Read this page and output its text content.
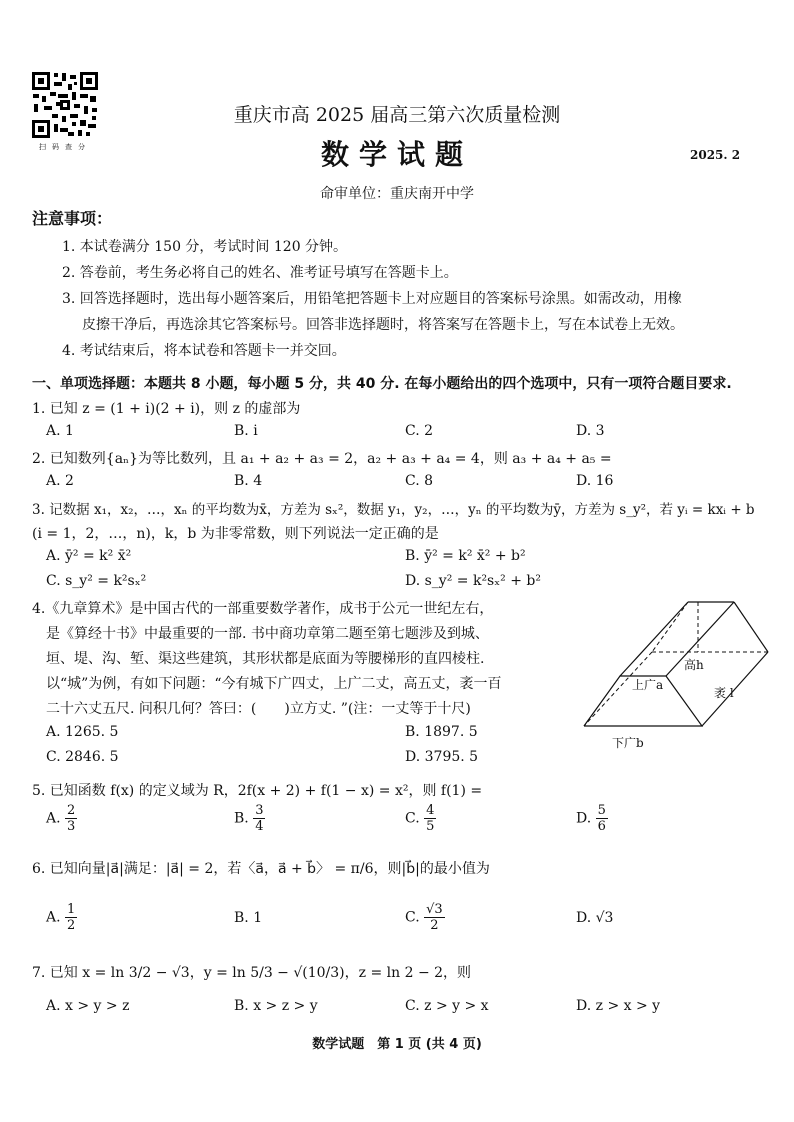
扫码查分
重庆市高 2025 届高三第六次质量检测
数学试题	2025. 2
命审单位：重庆南开中学
注意事项：
1. 本试卷满分 150 分，考试时间 120 分钟。
2. 答卷前，考生务必将自己的姓名、准考证号填写在答题卡上。
3. 回答选择题时，选出每小题答案后，用铅笔把答题卡上对应题目的答案标号涂黑。如需改动，用橡
皮擦干净后，再选涂其它答案标号。回答非选择题时，将答案写在答题卡上，写在本试卷上无效。
4. 考试结束后，将本试卷和答题卡一并交回。
一、单项选择题：本题共 8 小题，每小题 5 分，共 40 分. 在每小题给出的四个选项中，只有一项符合题目要求.
1. 已知 z = (1 + i)(2 + i)，则 z 的虚部为
A. 1	B. i	C. 2	D. 3
2. 已知数列{aₙ}为等比数列，且 a₁ + a₂ + a₃ = 2，a₂ + a₃ + a₄ = 4，则 a₃ + a₄ + a₅ =
A. 2	B. 4	C. 8	D. 16
3. 记数据 x₁，x₂，…，xₙ 的平均数为x̄，方差为 sₓ²，数据 y₁，y₂，…，yₙ 的平均数为ȳ，方差为 s_y²，若 yᵢ = kxᵢ + b
(i = 1，2，…，n)，k，b 为非零常数，则下列说法一定正确的是
A. ȳ² = k² x̄²	B. ȳ² = k² x̄² + b²
C. s_y² = k²sₓ²	D. s_y² = k²sₓ² + b²
4.《九章算术》是中国古代的一部重要数学著作，成书于公元一世纪左右，
是《算经十书》中最重要的一部. 书中商功章第二题至第七题涉及到城、
垣、堤、沟、堑、渠这些建筑，其形状都是底面为等腰梯形的直四棱柱.
以“城”为例，有如下问题：“今有城下广四丈，上广二丈，高五丈，袤一百
二十六丈五尺. 问积几何？答曰：(　　)立方丈. ”(注：一丈等于十尺)
A. 1265. 5	B. 1897. 5
C. 2846. 5	D. 3795. 5
上广a
高h
袤 l
下广b
5. 已知函数 f(x) 的定义域为 R，2f(x + 2) + f(1 − x) = x²，则 f(1) =
A. $\frac{2}{3}$	B. $\frac{3}{4}$	C. $\frac{4}{5}$	D. $\frac{5}{6}$
6. 已知向量|a⃗|满足：|a⃗| = 2，若〈a⃗，a⃗ + b⃗〉 = π/6，则|b⃗|的最小值为
A. $\frac{1}{2}$	B. 1	C. $\frac{√3}{2}$	D. √3
7. 已知 x = ln 3/2 − √3，y = ln 5/3 − √(10/3)，z = ln 2 − 2，则
A. x > y > z	B. x > z > y	C. z > y > x	D. z > x > y
数学试题　第 1 页 (共 4 页)
